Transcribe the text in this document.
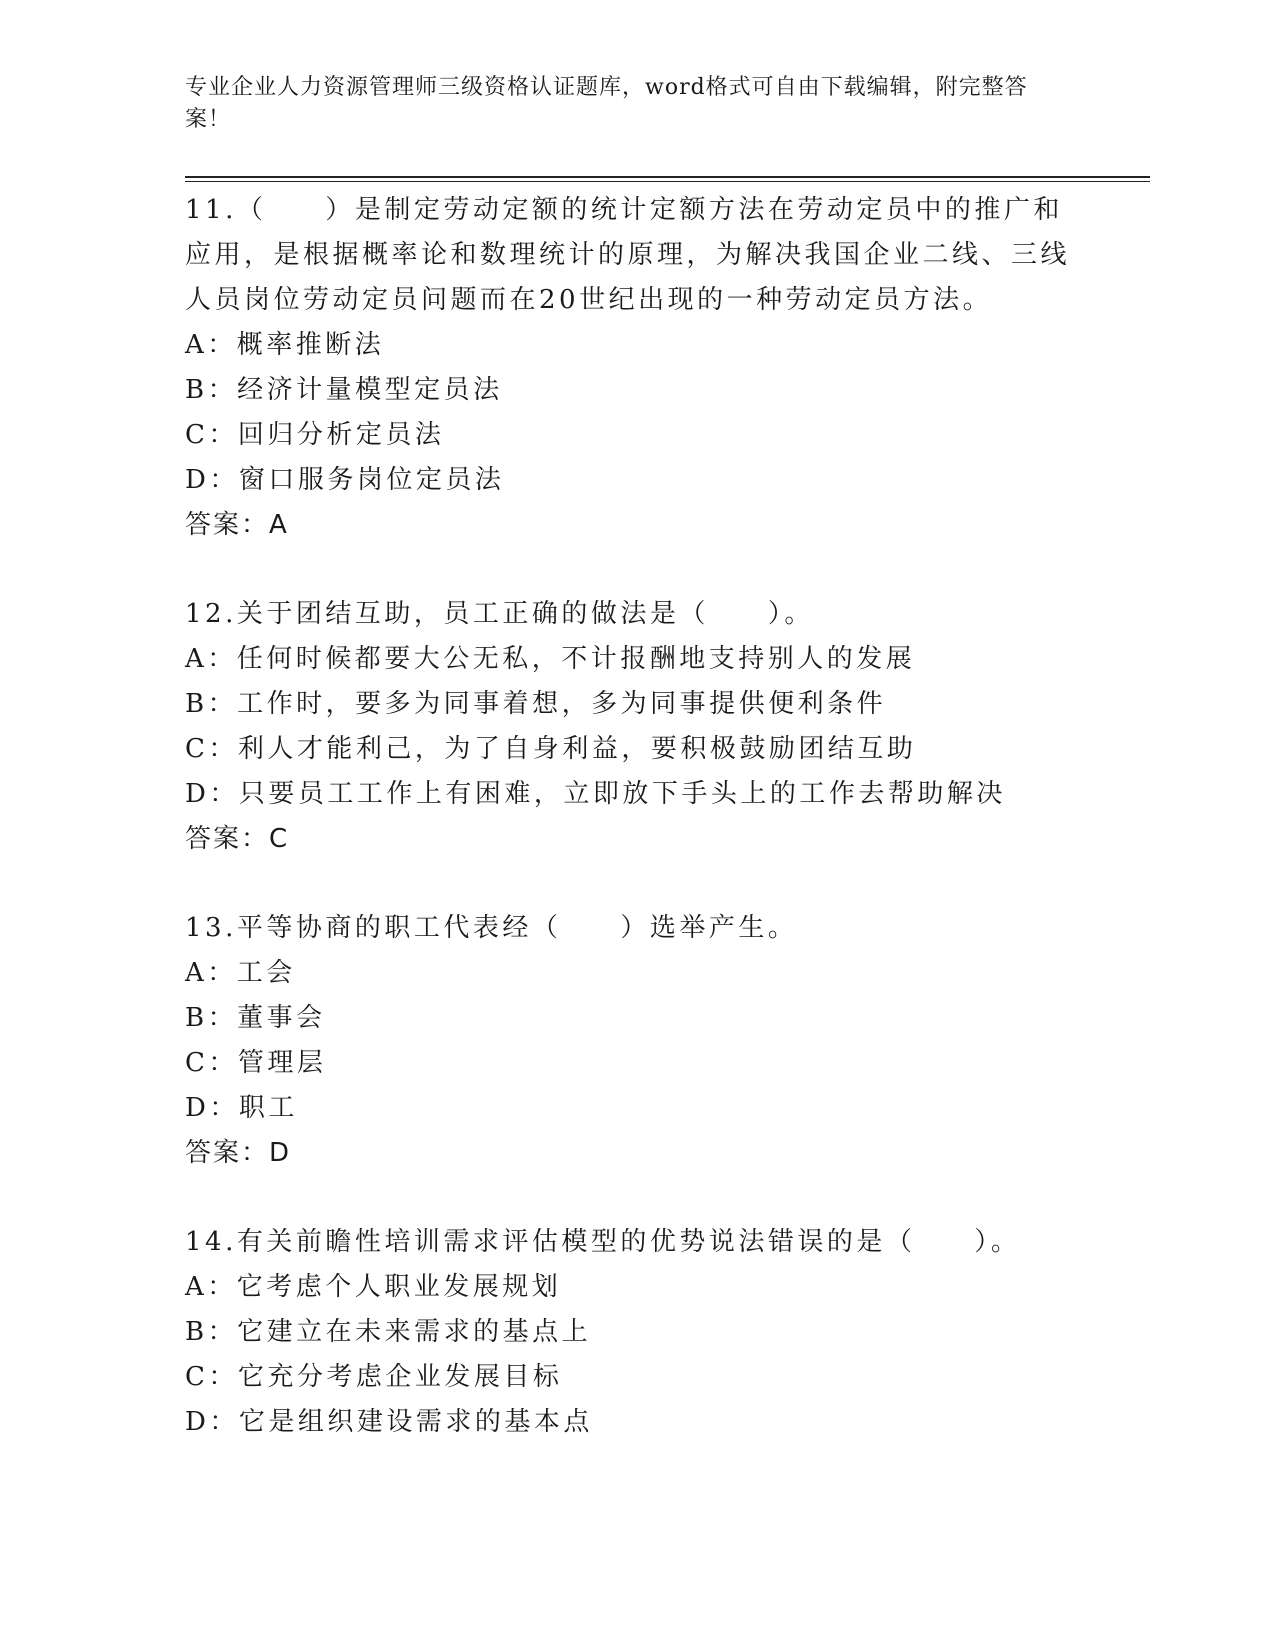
专业企业人力资源管理师三级资格认证题库，word格式可自由下载编辑，附完整答案！

11.（　　）是制定劳动定额的统计定额方法在劳动定员中的推广和应用，是根据概率论和数理统计的原理，为解决我国企业二线、三线人员岗位劳动定员问题而在20世纪出现的一种劳动定员方法。

A：概率推断法

B：经济计量模型定员法

C：回归分析定员法

D：窗口服务岗位定员法

答案：A

12.关于团结互助，员工正确的做法是（　　）。

A：任何时候都要大公无私，不计报酬地支持别人的发展

B：工作时，要多为同事着想，多为同事提供便利条件

C：利人才能利己，为了自身利益，要积极鼓励团结互助

D：只要员工工作上有困难，立即放下手头上的工作去帮助解决

答案：C

13.平等协商的职工代表经（　　）选举产生。

A：工会

B：董事会

C：管理层

D：职工

答案：D

14.有关前瞻性培训需求评估模型的优势说法错误的是（　　）。

A：它考虑个人职业发展规划

B：它建立在未来需求的基点上

C：它充分考虑企业发展目标

D：它是组织建设需求的基本点
